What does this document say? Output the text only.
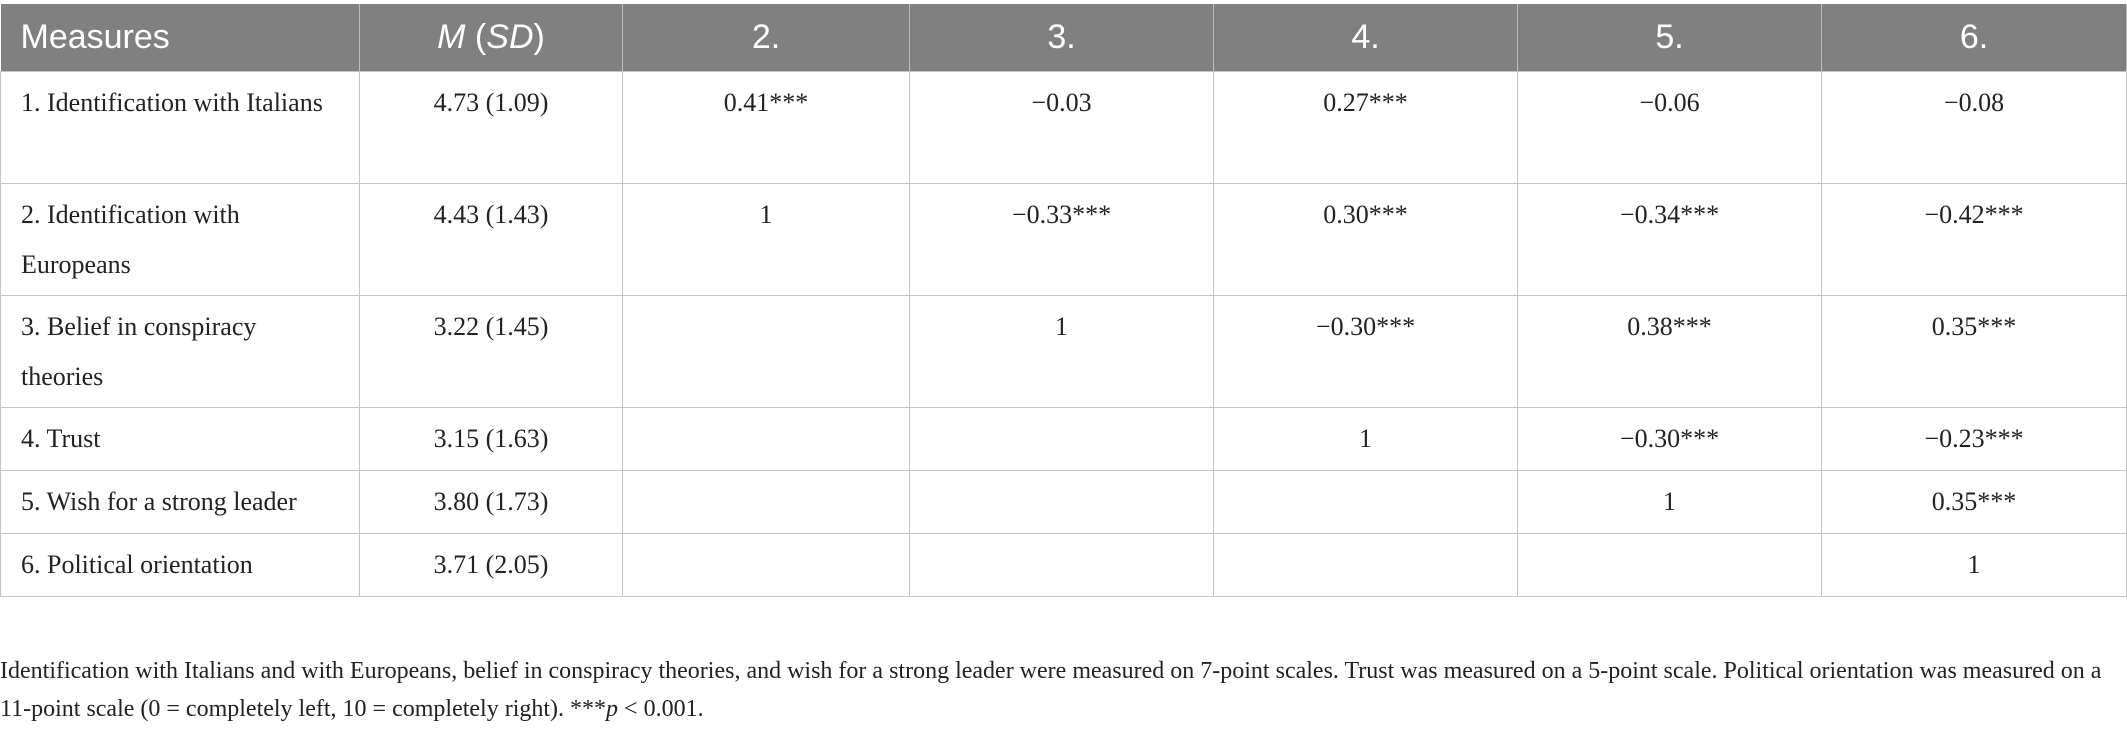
Measures	M (SD)	2.	3.	4.	5.	6.
1. Identification with Italians	4.73 (1.09)	0.41***	−0.03	0.27***	−0.06	−0.08
2. Identification with Europeans	4.43 (1.43)	1	−0.33***	0.30***	−0.34***	−0.42***
3. Belief in conspiracy theories	3.22 (1.45)		1	−0.30***	0.38***	0.35***
4. Trust	3.15 (1.63)			1	−0.30***	−0.23***
5. Wish for a strong leader	3.80 (1.73)				1	0.35***
6. Political orientation	3.71 (2.05)					1
Identification with Italians and with Europeans, belief in conspiracy theories, and wish for a strong leader were measured on 7-point scales. Trust was measured on a 5-point scale. Political orientation was measured on a 11-point scale (0 = completely left, 10 = completely right). ***p < 0.001.
